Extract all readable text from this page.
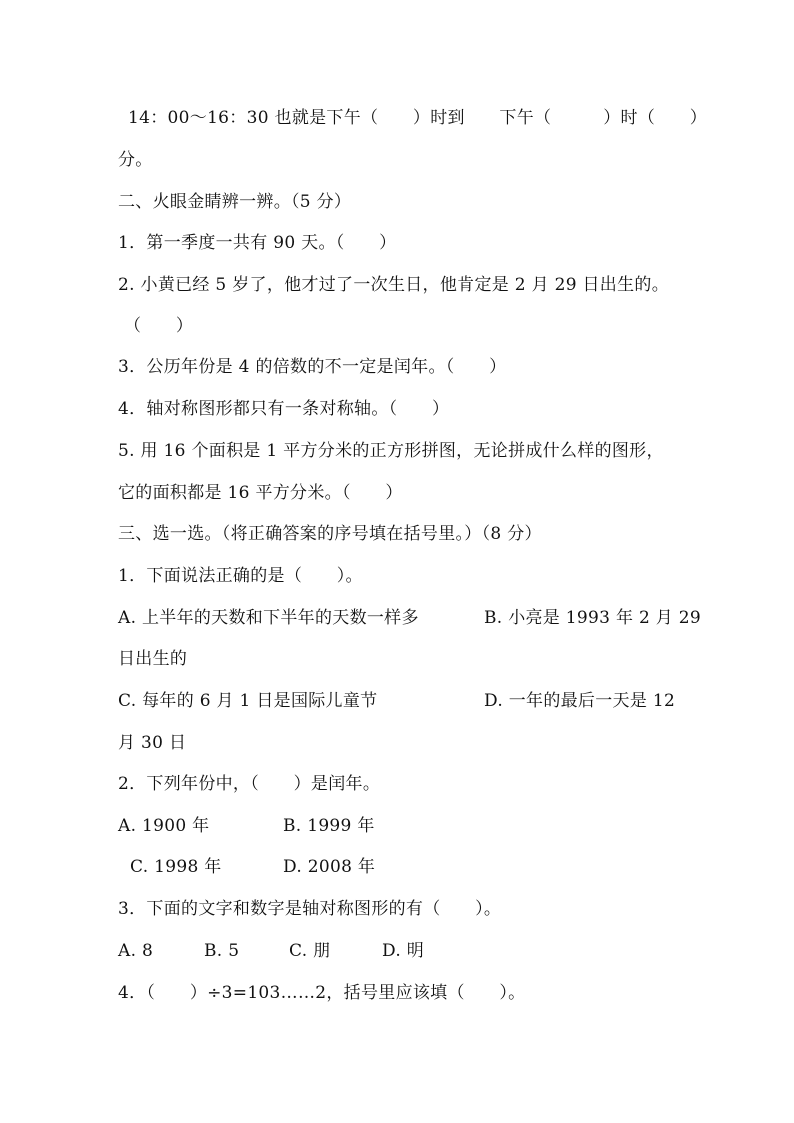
14：00～16：30 也就是下午（　　）时到　　下午（　　　）时（　　）
分。
二、火眼金睛辨一辨。（5 分）
1．第一季度一共有 90 天。（　　）
2. 小黄已经 5 岁了，他才过了一次生日，他肯定是 2 月 29 日出生的。
（　　）
3．公历年份是 4 的倍数的不一定是闰年。（　　）
4．轴对称图形都只有一条对称轴。（　　）
5. 用 16 个面积是 1 平方分米的正方形拼图，无论拼成什么样的图形，
它的面积都是 16 平方分米。（　　）
三、选一选。（将正确答案的序号填在括号里。）（8 分）
1．下面说法正确的是（　　）。
A. 上半年的天数和下半年的天数一样多	B. 小亮是 1993 年 2 月 29
日出生的
C. 每年的 6 月 1 日是国际儿童节	D. 一年的最后一天是 12
月 30 日
2．下列年份中，（　　）是闰年。
A. 1900 年	B. 1999 年
C. 1998 年	D. 2008 年
3．下面的文字和数字是轴对称图形的有（　　）。
A. 8	B. 5	C. 朋	D. 明
4．（　　）÷3=103……2，括号里应该填（　　）。
